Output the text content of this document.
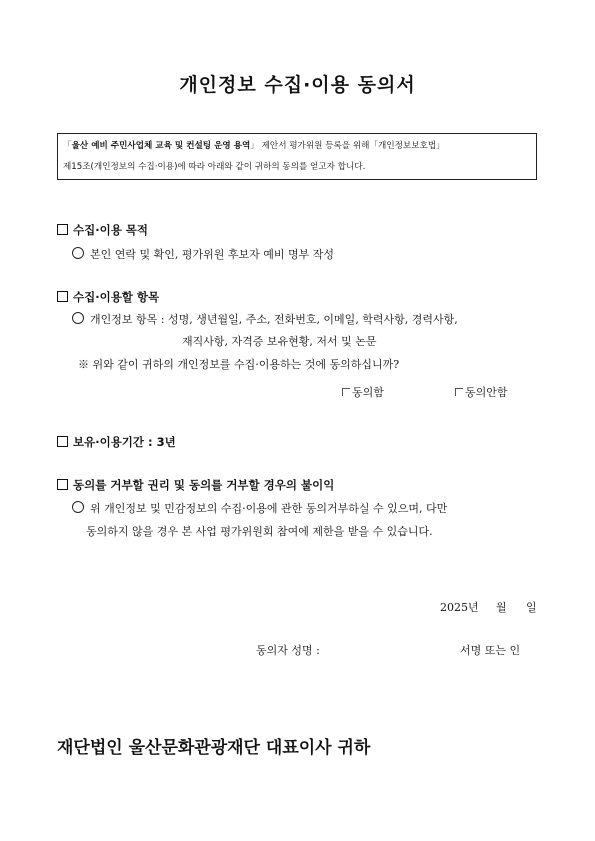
개인정보 수집·이용 동의서
「울산 예비 주민사업체 교육 및 컨설팅 운영 용역」 제안서 평가위원 등록을 위해「개인정보보호법」
제15조(개인정보의 수집·이용)에 따라 아래와 같이 귀하의 동의를 얻고자 합니다.
수집·이용 목적
본인 연락 및 확인, 평가위원 후보자 예비 명부 작성
수집·이용할 항목
개인정보 항목 : 성명, 생년월일, 주소, 전화번호, 이메일, 학력사항, 경력사항,
재직사항, 자격증 보유현황, 저서 및 논문
※ 위와 같이 귀하의 개인정보를 수집·이용하는 것에 동의하십니까?
동의함	동의안함
보유·이용기간 : 3년
동의를 거부할 권리 및 동의를 거부할 경우의 불이익
위 개인정보 및 민감정보의 수집·이용에 관한 동의거부하실 수 있으며, 다만
동의하지 않을 경우 본 사업 평가위원회 참여에 제한을 받을 수 있습니다.
2025년 월 일
동의자 성명 :	서명 또는 인
재단법인 울산문화관광재단 대표이사 귀하
